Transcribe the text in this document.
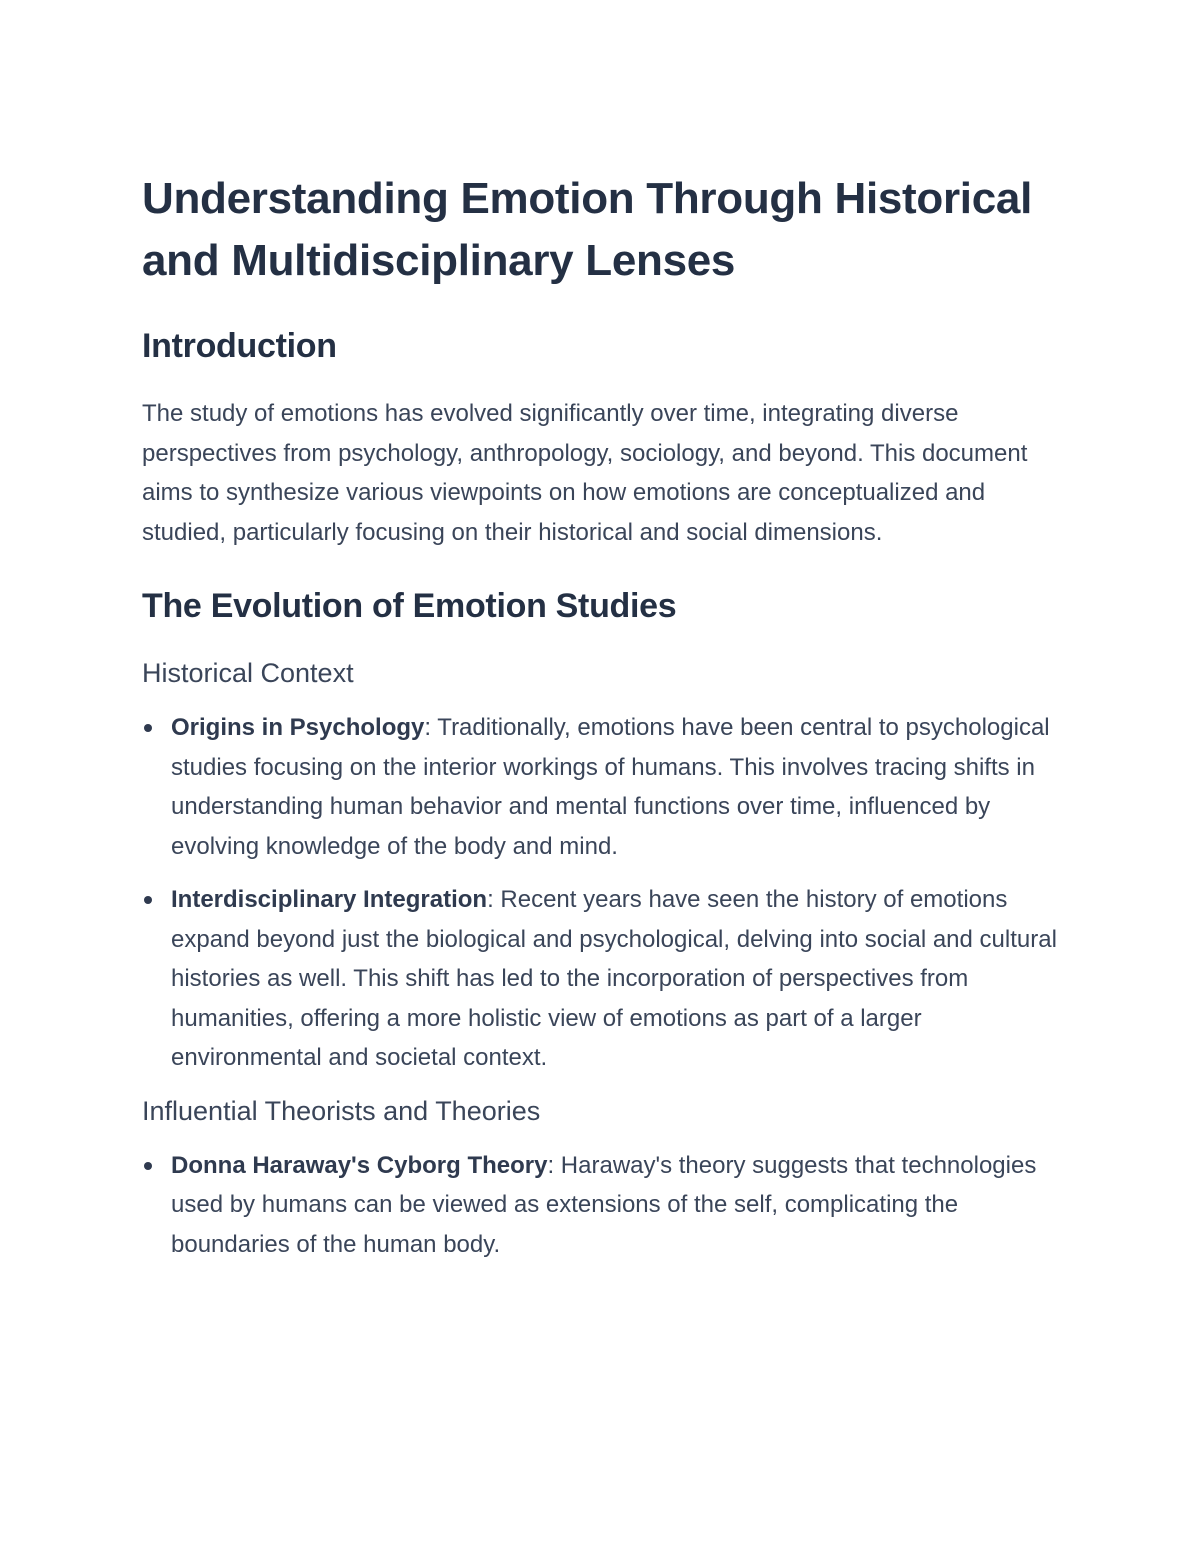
Understanding Emotion Through Historical and Multidisciplinary Lenses
Introduction

The study of emotions has evolved significantly over time, integrating diverse perspectives from psychology, anthropology, sociology, and beyond. This document aims to synthesize various viewpoints on how emotions are conceptualized and studied, particularly focusing on their historical and social dimensions.

The Evolution of Emotion Studies
Historical Context
Origins in Psychology: Traditionally, emotions have been central to psychological studies focusing on the interior workings of humans. This involves tracing shifts in understanding human behavior and mental functions over time, influenced by evolving knowledge of the body and mind.
Interdisciplinary Integration: Recent years have seen the history of emotions expand beyond just the biological and psychological, delving into social and cultural histories as well. This shift has led to the incorporation of perspectives from humanities, offering a more holistic view of emotions as part of a larger environmental and societal context.
Influential Theorists and Theories
Donna Haraway's Cyborg Theory: Haraway's theory suggests that technologies used by humans can be viewed as extensions of the self, complicating the boundaries of the human body.
